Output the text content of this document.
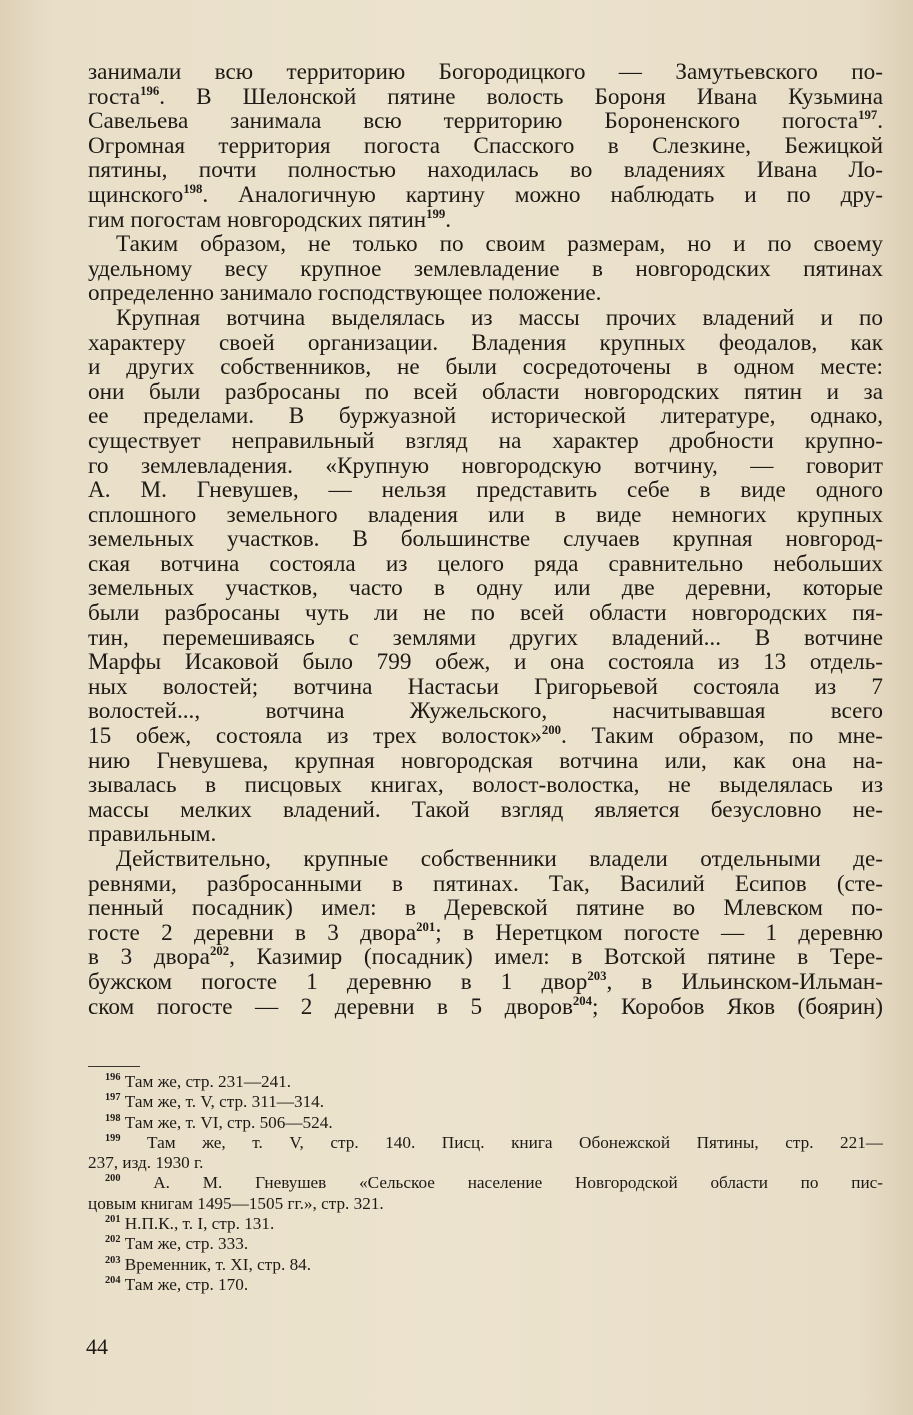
занимали всю территорию Богородицкого — Замутьевского по-
госта$^{196}$. В Шелонской пятине волость Бороня Ивана Кузьмина
Савельева занимала всю территорию Бороненского погоста$^{197}$.
Огромная территория погоста Спасского в Слезкине, Бежицкой
пятины, почти полностью находилась во владениях Ивана Ло-
щинского$^{198}$. Аналогичную картину можно наблюдать и по дру-
гим погостам новгородских пятин$^{199}$.
Таким образом, не только по своим размерам, но и по своему
удельному весу крупное землевладение в новгородских пятинах
определенно занимало господствующее положение.
Крупная вотчина выделялась из массы прочих владений и по
характеру своей организации. Владения крупных феодалов, как
и других собственников, не были сосредоточены в одном месте:
они были разбросаны по всей области новгородских пятин и за
ее пределами. В буржуазной исторической литературе, однако,
существует неправильный взгляд на характер дробности крупно-
го землевладения. «Крупную новгородскую вотчину, — говорит
А. М. Гневушев, — нельзя представить себе в виде одного
сплошного земельного владения или в виде немногих крупных
земельных участков. В большинстве случаев крупная новгород-
ская вотчина состояла из целого ряда сравнительно небольших
земельных участков, часто в одну или две деревни, которые
были разбросаны чуть ли не по всей области новгородских пя-
тин, перемешиваясь с землями других владений... В вотчине
Марфы Исаковой было 799 обеж, и она состояла из 13 отдель-
ных волостей; вотчина Настасьи Григорьевой состояла из 7
волостей..., вотчина Жужельского, насчитывавшая всего
15 обеж, состояла из трех волосток»$^{200}$. Таким образом, по мне-
нию Гневушева, крупная новгородская вотчина или, как она на-
зывалась в писцовых книгах, волост-волостка, не выделялась из
массы мелких владений. Такой взгляд является безусловно не-
правильным.
Действительно, крупные собственники владели отдельными де-
ревнями, разбросанными в пятинах. Так, Василий Есипов (сте-
пенный посадник) имел: в Деревской пятине во Млевском по-
госте 2 деревни в 3 двора$^{201}$; в Неретцком погосте — 1 деревню
в 3 двора$^{202}$, Казимир (посадник) имел: в Вотской пятине в Тере-
бужском погосте 1 деревню в 1 двор$^{203}$, в Ильинском-Ильман-
ском погосте — 2 деревни в 5 дворов$^{204}$; Коробов Яков (боярин)
$^{196}$ Там же, стр. 231—241.
$^{197}$ Там же, т. V, стр. 311—314.
$^{198}$ Там же, т. VI, стр. 506—524.
$^{199}$ Там же, т. V, стр. 140. Писц. книга Обонежской Пятины, стр. 221—
237, изд. 1930 г.
$^{200}$ А. М. Гневушев «Сельское население Новгородской области по пис-
цовым книгам 1495—1505 гг.», стр. 321.
$^{201}$ Н.П.К., т. I, стр. 131.
$^{202}$ Там же, стр. 333.
$^{203}$ Временник, т. XI, стр. 84.
$^{204}$ Там же, стр. 170.
44
